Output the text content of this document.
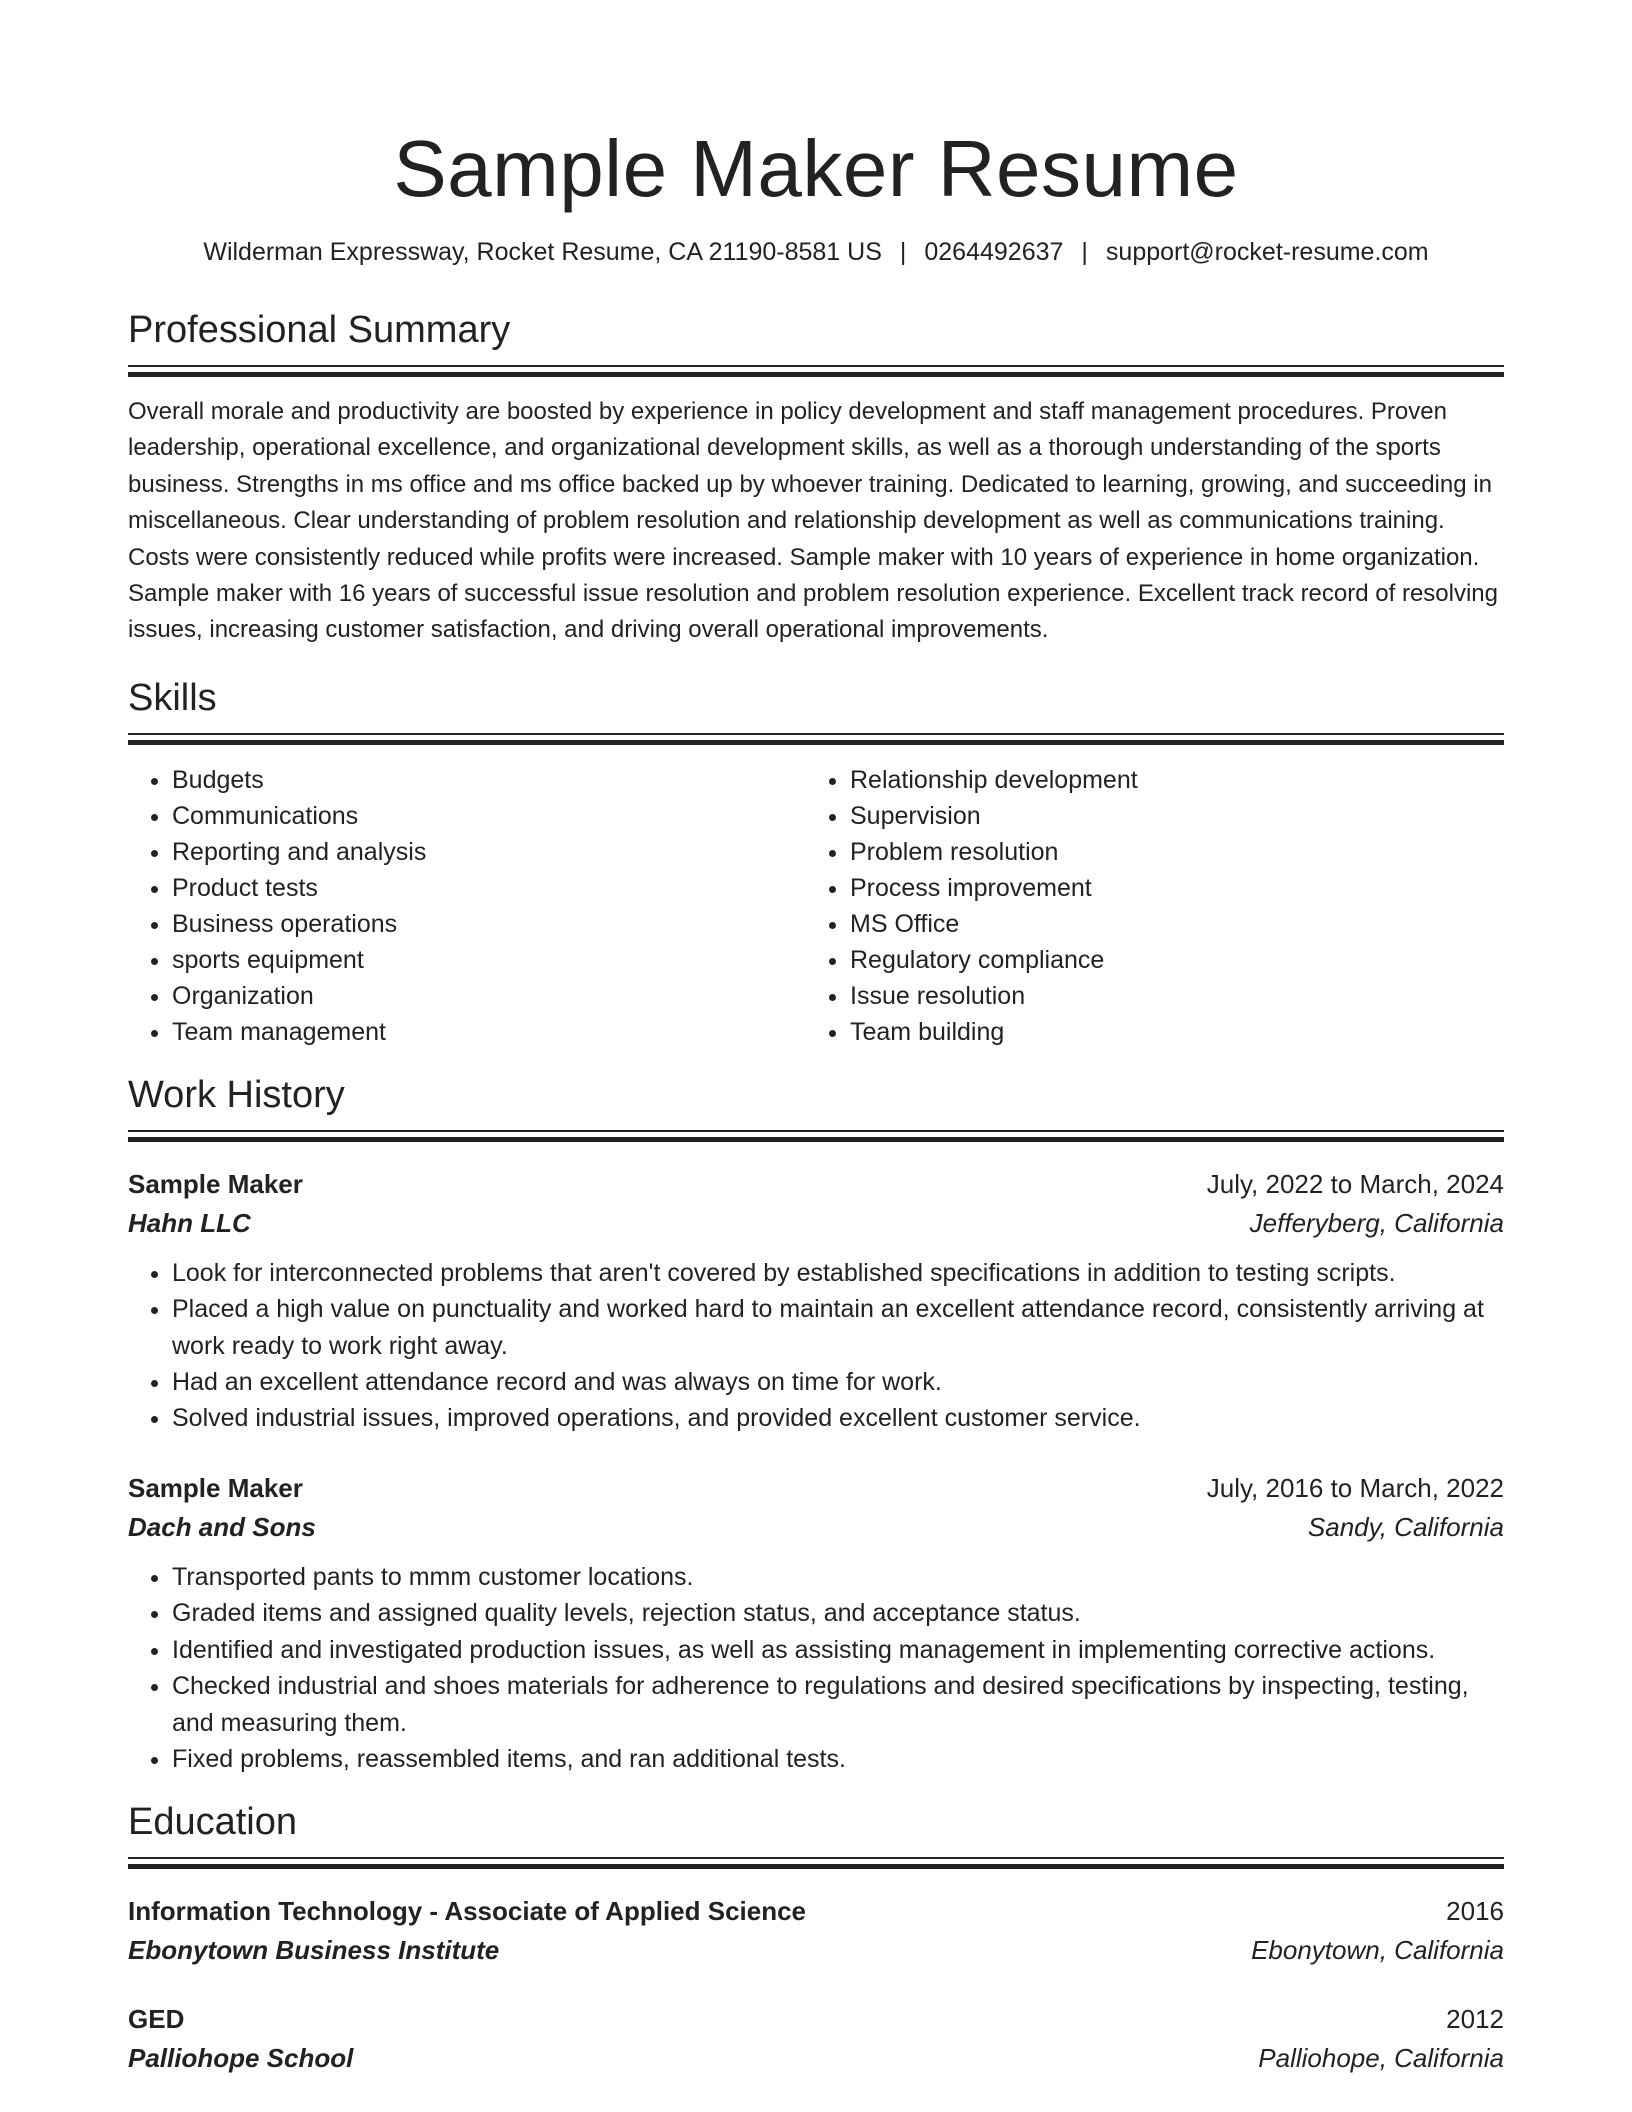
Sample Maker Resume
Wilderman Expressway, Rocket Resume, CA 21190-8581 US | 0264492637 | support@rocket-resume.com
Professional Summary

Overall morale and productivity are boosted by experience in policy development and staff management procedures. Proven leadership, operational excellence, and organizational development skills, as well as a thorough understanding of the sports business. Strengths in ms office and ms office backed up by whoever training. Dedicated to learning, growing, and succeeding in miscellaneous. Clear understanding of problem resolution and relationship development as well as communications training. Costs were consistently reduced while profits were increased. Sample maker with 10 years of experience in home organization. Sample maker with 16 years of successful issue resolution and problem resolution experience. Excellent track record of resolving issues, increasing customer satisfaction, and driving overall operational improvements.

Skills
• Budgets
• Communications
• Reporting and analysis
• Product tests
• Business operations
• sports equipment
• Organization
• Team management
• Relationship development
• Supervision
• Problem resolution
• Process improvement
• MS Office
• Regulatory compliance
• Issue resolution
• Team building
Work History
Sample Maker	July, 2022 to March, 2024
Hahn LLC	Jefferyberg, California
• Look for interconnected problems that aren't covered by established specifications in addition to testing scripts.
• Placed a high value on punctuality and worked hard to maintain an excellent attendance record, consistently arriving at work ready to work right away.
• Had an excellent attendance record and was always on time for work.
• Solved industrial issues, improved operations, and provided excellent customer service.
Sample Maker	July, 2016 to March, 2022
Dach and Sons	Sandy, California
• Transported pants to mmm customer locations.
• Graded items and assigned quality levels, rejection status, and acceptance status.
• Identified and investigated production issues, as well as assisting management in implementing corrective actions.
• Checked industrial and shoes materials for adherence to regulations and desired specifications by inspecting, testing, and measuring them.
• Fixed problems, reassembled items, and ran additional tests.
Education
Information Technology - Associate of Applied Science	2016
Ebonytown Business Institute	Ebonytown, California
GED	2012
Palliohope School	Palliohope, California
